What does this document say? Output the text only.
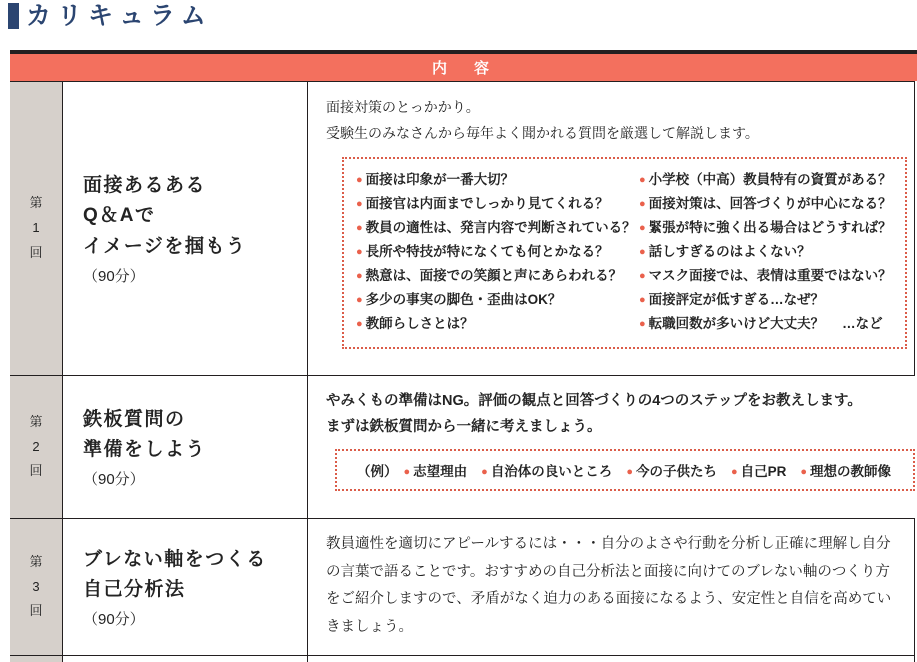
カリキュラム
内　容
第
1
回
面接あるある
Q＆Aで
イメージを掴もう
（90分）

面接対策のとっかかり。
受験生のみなさんから毎年よく聞かれる質問を厳選して解説します。

● 面接は印象が一番大切？
● 面接官は内面までしっかり見てくれる？
● 教員の適性は、発言内容で判断されている？
● 長所や特技が特になくても何とかなる？
● 熱意は、面接での笑顔と声にあらわれる？
● 多少の事実の脚色・歪曲はOK？
● 教師らしさとは？
● 小学校（中高）教員特有の資質がある？
● 面接対策は、回答づくりが中心になる？
● 緊張が特に強く出る場合はどうすれば？
● 話しすぎるのはよくない？
● マスク面接では、表情は重要ではない？
● 面接評定が低すぎる…なぜ？
● 転職回数が多いけど大丈夫？ …など
第
2
回
鉄板質問の
準備をしよう
（90分）

やみくもの準備はNG。評価の観点と回答づくりの4つのステップをお教えします。
まずは鉄板質問から一緒に考えましょう。

（例） ● 志望理由 ● 自治体の良いところ ● 今の子供たち ● 自己PR ● 理想の教師像
第
3
回
ブレない軸をつくる
自己分析法
（90分）

教員適性を適切にアピールするには・・・自分のよさや行動を分析し正確に理解し自分の言葉で語ることです。おすすめの自己分析法と面接に向けてのブレない軸のつくり方をご紹介しますので、矛盾がなく迫力のある面接になるよう、安定性と自信を高めていきましょう。
